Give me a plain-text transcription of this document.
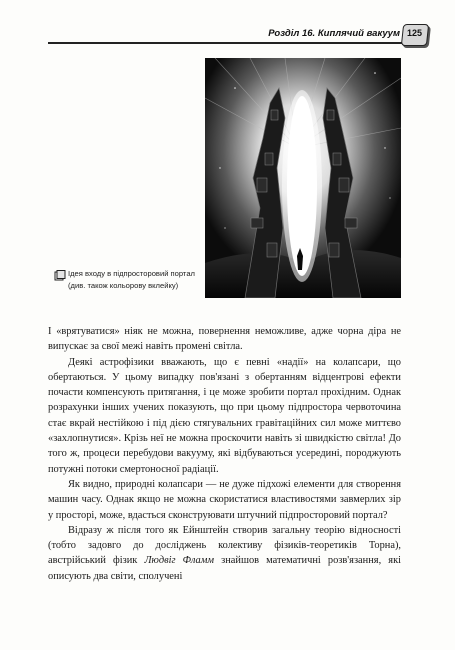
Розділ 16. Киплячий вакуум 125
Ідея входу в підпросторовий портал (див. також кольорову вклейку)

І «врятуватися» ніяк не можна, повернення неможливе, адже чорна діра не випускає за свої межі навіть промені світла.

Деякі астрофізики вважають, що є певні «надії» на колапсари, що обертаються. У цьому випадку пов'язані з обертанням відцентрові ефекти почасти компенсують притягання, і це може зробити портал прохідним. Однак розрахунки інших учених показують, що при цьому підпростора червоточина стає вкрай нестійкою і під дією стягувальних гравітаційних сил може миттєво «захлопнутися». Крізь неї не можна проскочити навіть зі швидкістю світла! До того ж, процеси перебудови вакууму, які відбуваються усередині, породжують потужні потоки смертоносної радіації.

Як видно, природні колапсари — не дуже підхожі елементи для створення машин часу. Однак якщо не можна скористатися властивостями завмерлих зір у просторі, може, вдасться сконструювати штучний підпросторовий портал?

Відразу ж після того як Ейнштейн створив загальну теорію відносності (тобто задовго до досліджень колективу фізиків-теоретиків Торна), австрійський фізик Людвіг Фламм знайшов математичні розв'язання, які описують два світи, сполучені
